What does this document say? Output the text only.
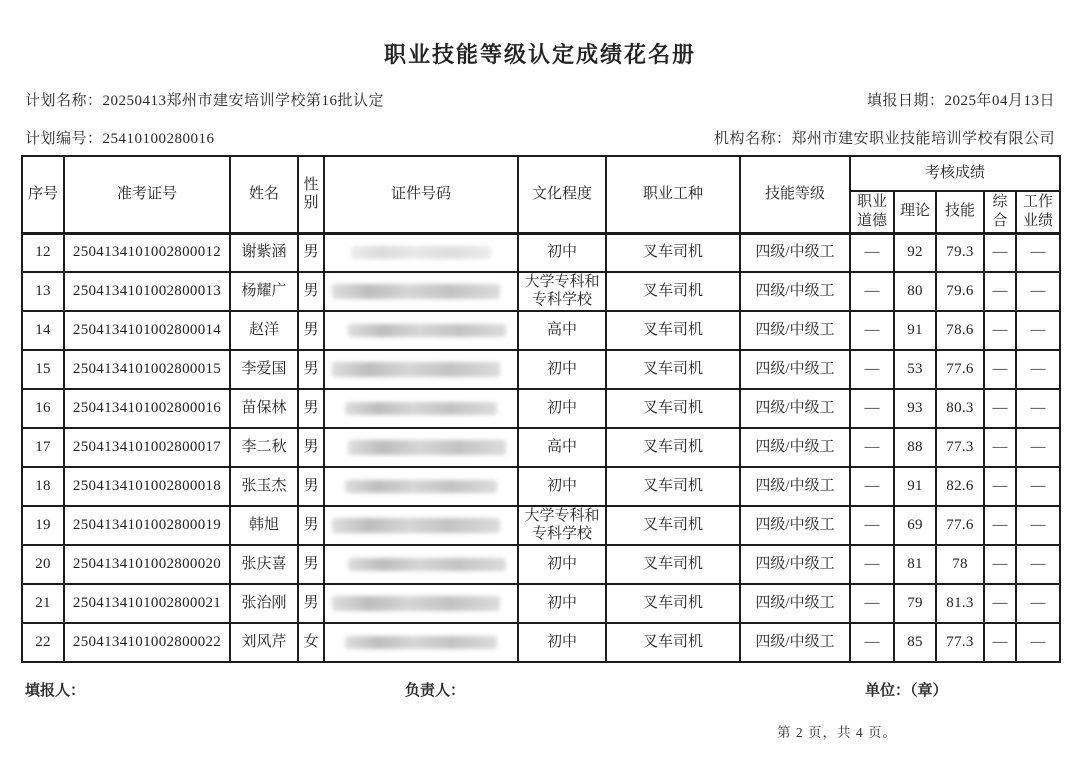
职业技能等级认定成绩花名册
计划名称：20250413郑州市建安培训学校第16批认定	填报日期：2025年04月13日
计划编号：25410100280016	机构名称：郑州市建安职业技能培训学校有限公司
序号	准考证号	姓名	性别	证件号码	文化程度	职业工种	技能等级	考核成绩				
								职业道德	理论	技能	综合	工作业绩
12	2504134101002800012	谢紫涵	男		初中	叉车司机	四级/中级工	—	92	79.3	—	—
13	2504134101002800013	杨耀广	男		大学专科和专科学校	叉车司机	四级/中级工	—	80	79.6	—	—
14	2504134101002800014	赵洋	男		高中	叉车司机	四级/中级工	—	91	78.6	—	—
15	2504134101002800015	李爱国	男		初中	叉车司机	四级/中级工	—	53	77.6	—	—
16	2504134101002800016	苗保林	男		初中	叉车司机	四级/中级工	—	93	80.3	—	—
17	2504134101002800017	李二秋	男		高中	叉车司机	四级/中级工	—	88	77.3	—	—
18	2504134101002800018	张玉杰	男		初中	叉车司机	四级/中级工	—	91	82.6	—	—
19	2504134101002800019	韩旭	男		大学专科和专科学校	叉车司机	四级/中级工	—	69	77.6	—	—
20	2504134101002800020	张庆喜	男		初中	叉车司机	四级/中级工	—	81	78	—	—
21	2504134101002800021	张治刚	男		初中	叉车司机	四级/中级工	—	79	81.3	—	—
22	2504134101002800022	刘风芹	女		初中	叉车司机	四级/中级工	—	85	77.3	—	—
填报人：	负责人：	单位：（章）
第 2 页，共 4 页。
